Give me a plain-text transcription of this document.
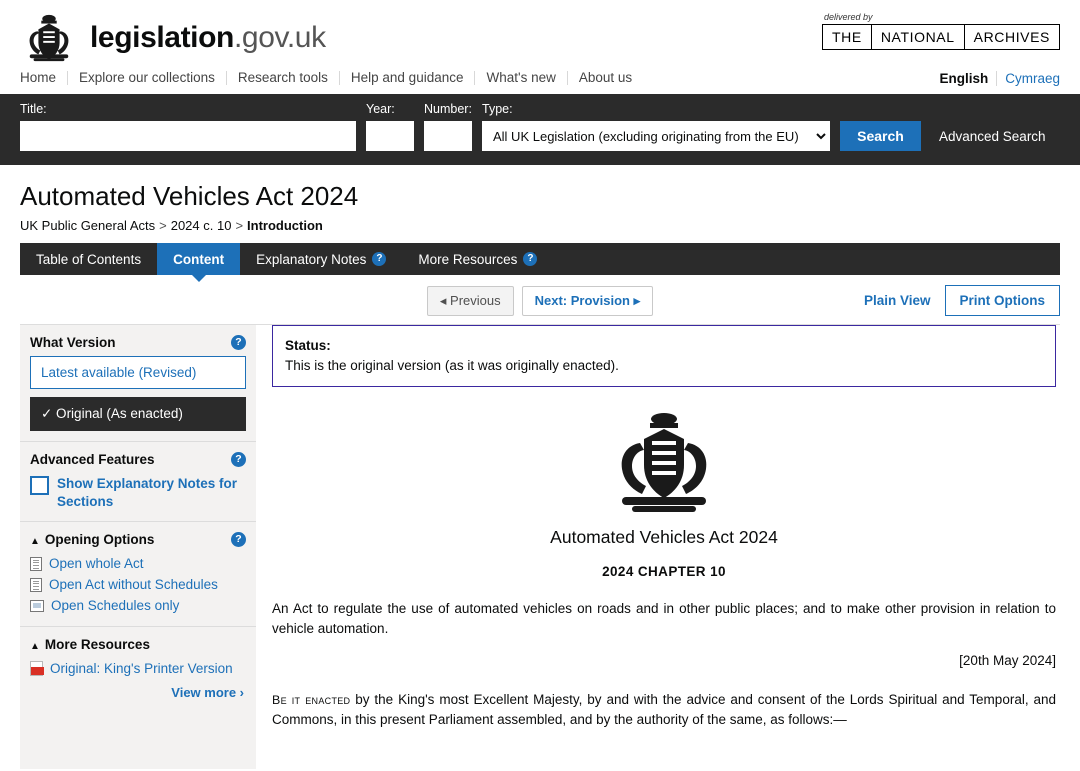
legislation.gov.uk
delivered by
THE	NATIONAL	ARCHIVES
Home	Explore our collections	Research tools	Help and guidance	What's new	About us	English Cymraeg
Title:	Year:	Number: Type:
All UK Legislation (excluding originating from the EU)
Search	Advanced Search
Automated Vehicles Act 2024
UK Public General Acts > 2024 c. 10 > Introduction
Table of Contents Content Explanatory Notes ?	More Resources ?
◂ Previous	Next: Provision ▸	Plain View	Print Options
What Version	?
Latest available (Revised)
✓ Original (As enacted)
Advanced Features	?
Show Explanatory Notes for Sections
▲ Opening Options	?
Open whole Act
Open Act without Schedules
Open Schedules only
▲ More Resources
Original: King's Printer Version
View more ›
Status:
This is the original version (as it was originally enacted).
Automated Vehicles Act 2024
2024 CHAPTER 10

An Act to regulate the use of automated vehicles on roads and in other public places; and to make other provision in relation to vehicle automation.

[20th May 2024]

Be it enacted by the King's most Excellent Majesty, by and with the advice and consent of the Lords Spiritual and Temporal, and Commons, in this present Parliament assembled, and by the authority of the same, as follows:—
